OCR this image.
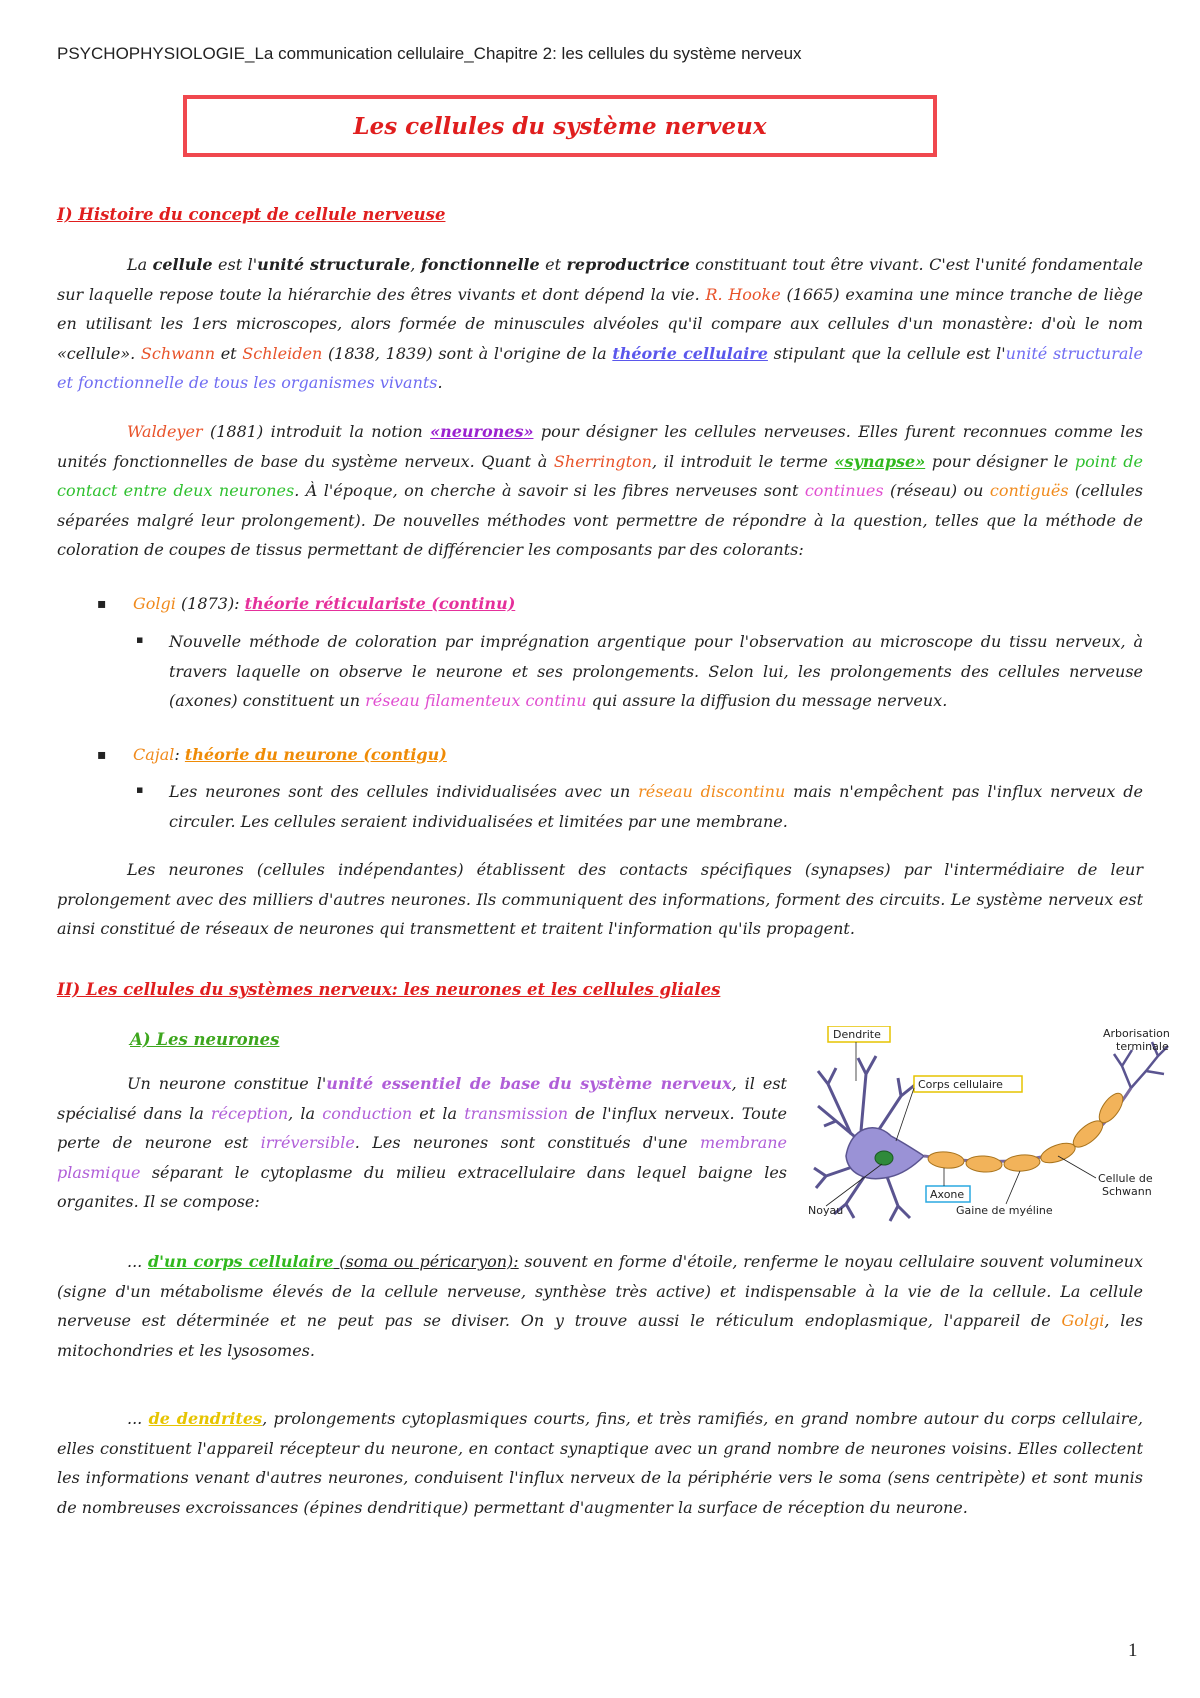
PSYCHOPHYSIOLOGIE_La communication cellulaire_Chapitre 2: les cellules du système nerveux
Les cellules du système nerveux
I) Histoire du concept de cellule nerveuse
La cellule est l'unité structurale, fonctionnelle et reproductrice constituant tout être vivant. C'est l'unité fondamentale sur laquelle repose toute la hiérarchie des êtres vivants et dont dépend la vie. R. Hooke (1665) examina une mince tranche de liège en utilisant les 1ers microscopes, alors formée de minuscules alvéoles qu'il compare aux cellules d'un monastère: d'où le nom «cellule». Schwann et Schleiden (1838, 1839) sont à l'origine de la théorie cellulaire stipulant que la cellule est l'unité structurale et fonctionnelle de tous les organismes vivants.
Waldeyer (1881) introduit la notion «neurones» pour désigner les cellules nerveuses. Elles furent reconnues comme les unités fonctionnelles de base du système nerveux. Quant à Sherrington, il introduit le terme «synapse» pour désigner le point de contact entre deux neurones. À l'époque, on cherche à savoir si les fibres nerveuses sont continues (réseau) ou contiguës (cellules séparées malgré leur prolongement). De nouvelles méthodes vont permettre de répondre à la question, telles que la méthode de coloration de coupes de tissus permettant de différencier les composants par des colorants:
▪ Golgi (1873): théorie réticulariste (continu)
▪ Nouvelle méthode de coloration par imprégnation argentique pour l'observation au microscope du tissu nerveux, à travers laquelle on observe le neurone et ses prolongements. Selon lui, les prolongements des cellules nerveuse (axones) constituent un réseau filamenteux continu qui assure la diffusion du message nerveux.
▪ Cajal: théorie du neurone (contigu)
▪ Les neurones sont des cellules individualisées avec un réseau discontinu mais n'empêchent pas l'influx nerveux de circuler. Les cellules seraient individualisées et limitées par une membrane.
Les neurones (cellules indépendantes) établissent des contacts spécifiques (synapses) par l'intermédiaire de leur prolongement avec des milliers d'autres neurones. Ils communiquent des informations, forment des circuits. Le système nerveux est ainsi constitué de réseaux de neurones qui transmettent et traitent l'information qu'ils propagent.
II) Les cellules du systèmes nerveux: les neurones et les cellules gliales
A) Les neurones
Un neurone constitue l'unité essentiel de base du système nerveux, il est spécialisé dans la réception, la conduction et la transmission de l'influx nerveux. Toute perte de neurone est irréversible. Les neurones sont constitués d'une membrane plasmique séparant le cytoplasme du milieu extracellulaire dans lequel baigne les organites. Il se compose:
Dendrite	Arborisation
terminale
Corps cellulaire
Cellule de
Schwann
Axone
Noyau	Gaine de myéline
... d'un corps cellulaire (soma ou péricaryon): souvent en forme d'étoile, renferme le noyau cellulaire souvent volumineux (signe d'un métabolisme élevés de la cellule nerveuse, synthèse très active) et indispensable à la vie de la cellule. La cellule nerveuse est déterminée et ne peut pas se diviser. On y trouve aussi le réticulum endoplasmique, l'appareil de Golgi, les mitochondries et les lysosomes.
... de dendrites, prolongements cytoplasmiques courts, fins, et très ramifiés, en grand nombre autour du corps cellulaire, elles constituent l'appareil récepteur du neurone, en contact synaptique avec un grand nombre de neurones voisins. Elles collectent les informations venant d'autres neurones, conduisent l'influx nerveux de la périphérie vers le soma (sens centripète) et sont munis de nombreuses excroissances (épines dendritique) permettant d'augmenter la surface de réception du neurone.
1
